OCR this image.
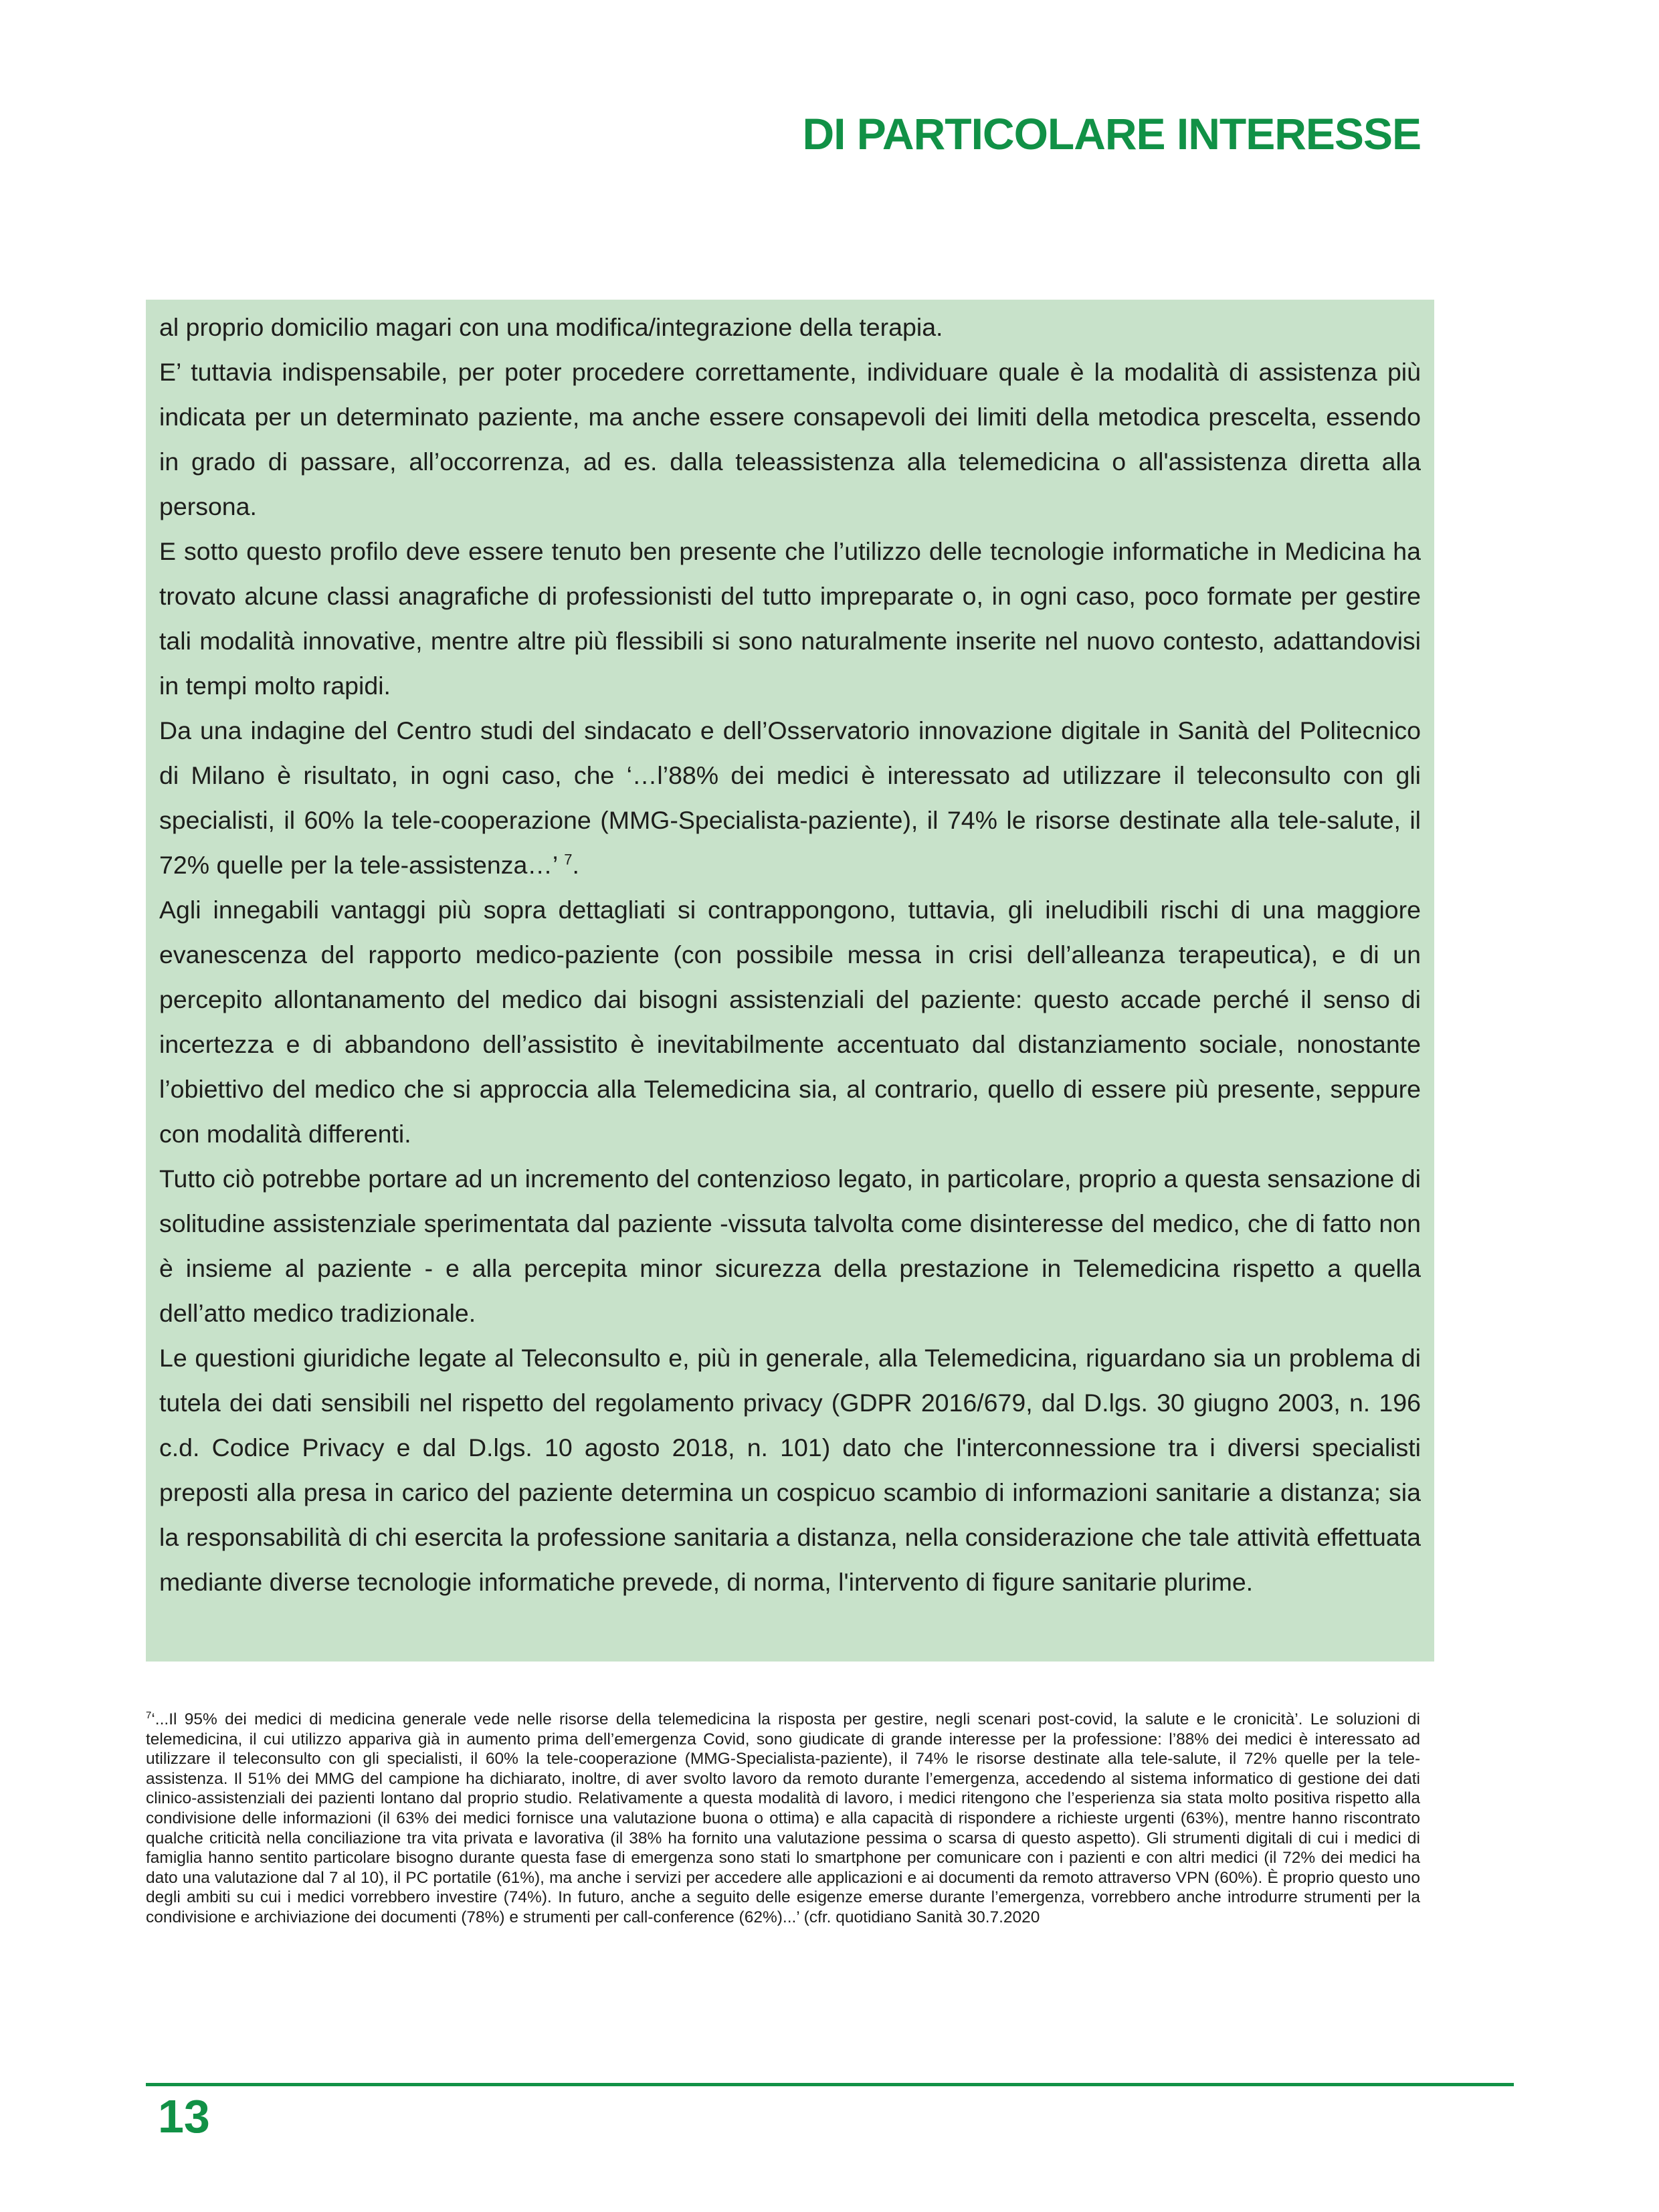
DI PARTICOLARE INTERESSE

al proprio domicilio magari con una modifica/integrazione della terapia.

E’ tuttavia indispensabile, per poter procedere correttamente, individuare quale è la modalità di assistenza più indicata per un determinato paziente, ma anche essere consapevoli dei limiti della metodica prescelta, essendo in grado di passare, all’occorrenza, ad es. dalla teleassistenza alla telemedicina o all'assistenza diretta alla persona.

E sotto questo profilo deve essere tenuto ben presente che l’utilizzo delle tecnologie informatiche in Medicina ha trovato alcune classi anagrafiche di professionisti del tutto impreparate o, in ogni caso, poco formate per gestire tali modalità innovative, mentre altre più flessibili si sono naturalmente inserite nel nuovo contesto, adattandovisi in tempi molto rapidi.

Da una indagine del Centro studi del sindacato e dell’Osservatorio innovazione digitale in Sanità del Politecnico di Milano è risultato, in ogni caso, che ‘…l’88% dei medici è interessato ad utilizzare il teleconsulto con gli specialisti, il 60% la tele-cooperazione (MMG-Specialista-paziente), il 74% le risorse destinate alla tele-salute, il 72% quelle per la tele-assistenza…’ $^7$.

Agli innegabili vantaggi più sopra dettagliati si contrappongono, tuttavia, gli ineludibili rischi di una maggiore evanescenza del rapporto medico-paziente (con possibile messa in crisi dell’alleanza terapeutica), e di un percepito allontanamento del medico dai bisogni assistenziali del paziente: questo accade perché il senso di incertezza e di abbandono dell’assistito è inevitabilmente accentuato dal distanziamento sociale, nonostante l’obiettivo del medico che si approccia alla Telemedicina sia, al contrario, quello di essere più presente, seppure con modalità differenti.

Tutto ciò potrebbe portare ad un incremento del contenzioso legato, in particolare, proprio a questa sensazione di solitudine assistenziale sperimentata dal paziente -vissuta talvolta come disinteresse del medico, che di fatto non è insieme al paziente - e alla percepita minor sicurezza della prestazione in Telemedicina rispetto a quella dell’atto medico tradizionale.

Le questioni giuridiche legate al Teleconsulto e, più in generale, alla Telemedicina, riguardano sia un problema di tutela dei dati sensibili nel rispetto del regolamento privacy (GDPR 2016/679, dal D.lgs. 30 giugno 2003, n. 196 c.d. Codice Privacy e dal D.lgs. 10 agosto 2018, n. 101) dato che l'interconnessione tra i diversi specialisti preposti alla presa in carico del paziente determina un cospicuo scambio di informazioni sanitarie a distanza; sia la responsabilità di chi esercita la professione sanitaria a distanza, nella considerazione che tale attività effettuata mediante diverse tecnologie informatiche prevede, di norma, l'intervento di figure sanitarie plurime.

$^7$‘...Il 95% dei medici di medicina generale vede nelle risorse della telemedicina la risposta per gestire, negli scenari post-covid, la salute e le cronicità’. Le soluzioni di telemedicina, il cui utilizzo appariva già in aumento prima dell’emergenza Covid, sono giudicate di grande interesse per la professione: l’88% dei medici è interessato ad utilizzare il teleconsulto con gli specialisti, il 60% la tele-cooperazione (MMG-Specialista-paziente), il 74% le risorse destinate alla tele-salute, il 72% quelle per la tele-assistenza. Il 51% dei MMG del campione ha dichiarato, inoltre, di aver svolto lavoro da remoto durante l’emergenza, accedendo al sistema informatico di gestione dei dati clinico-assistenziali dei pazienti lontano dal proprio studio. Relativamente a questa modalità di lavoro, i medici ritengono che l’esperienza sia stata molto positiva rispetto alla condivisione delle informazioni (il 63% dei medici fornisce una valutazione buona o ottima) e alla capacità di rispondere a richieste urgenti (63%), mentre hanno riscontrato qualche criticità nella conciliazione tra vita privata e lavorativa (il 38% ha fornito una valutazione pessima o scarsa di questo aspetto). Gli strumenti digitali di cui i medici di famiglia hanno sentito particolare bisogno durante questa fase di emergenza sono stati lo smartphone per comunicare con i pazienti e con altri medici (il 72% dei medici ha dato una valutazione dal 7 al 10), il PC portatile (61%), ma anche i servizi per accedere alle applicazioni e ai documenti da remoto attraverso VPN (60%). È proprio questo uno degli ambiti su cui i medici vorrebbero investire (74%). In futuro, anche a seguito delle esigenze emerse durante l’emergenza, vorrebbero anche introdurre strumenti per la condivisione e archiviazione dei documenti (78%) e strumenti per call-conference (62%)...’ (cfr. quotidiano Sanità 30.7.2020

13
